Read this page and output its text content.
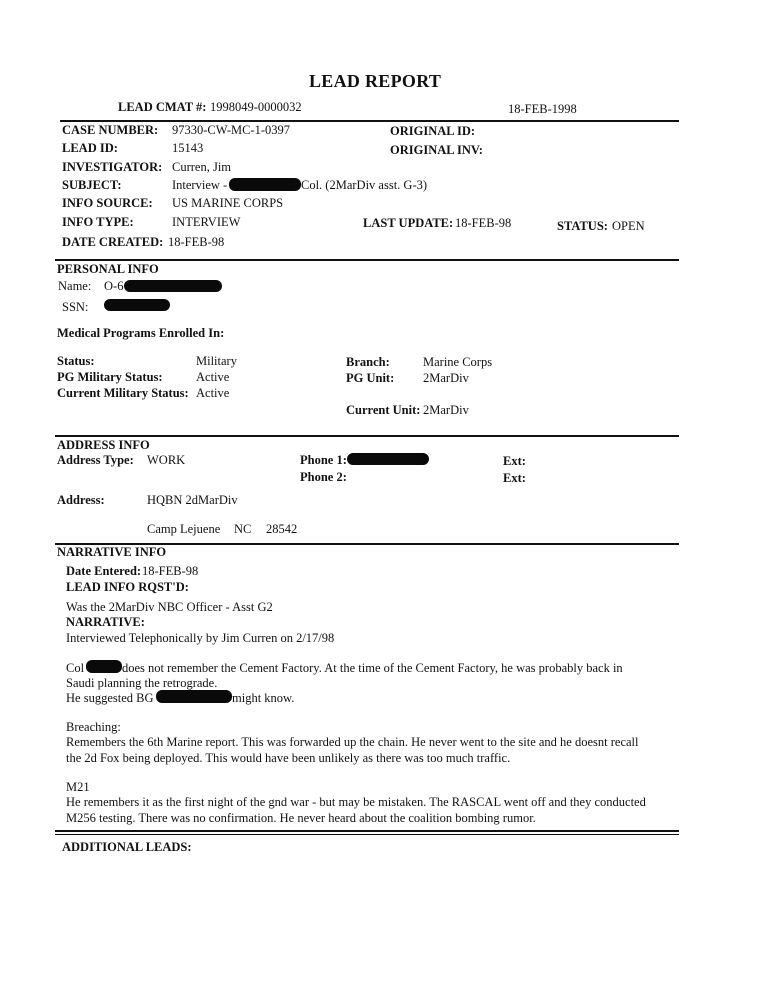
LEAD REPORT
LEAD CMAT #: 1998049-0000032	18-FEB-1998
CASE NUMBER: 97330-CW-MC-1-0397	ORIGINAL ID:
LEAD ID:	15143	ORIGINAL INV:
INVESTIGATOR: Curren, Jim
SUBJECT:	Interview -	Col. (2MarDiv asst. G-3)
INFO SOURCE: US MARINE CORPS
INFO TYPE:	INTERVIEW	LAST UPDATE: 18-FEB-98	STATUS: OPEN
DATE CREATED: 18-FEB-98
PERSONAL INFO
Name: O-6
SSN:
Medical Programs Enrolled In:
Status:	Military
PG Military Status:	Active
Current Military Status: Active
Branch:	Marine Corps
PG Unit: 2MarDiv
Current Unit: 2MarDiv
ADDRESS INFO
Address Type: WORK	Phone 1:
Phone 2:
Ext:
Ext:
Address:	HQBN 2dMarDiv
Camp Lejuene NC 28542
NARRATIVE INFO
Date Entered: 18-FEB-98
LEAD INFO RQST'D:
Was the 2MarDiv NBC Officer - Asst G2
NARRATIVE:
Interviewed Telephonically by Jim Curren on 2/17/98
Col	does not remember the Cement Factory. At the time of the Cement Factory, he was probably back in
Saudi planning the retrograde.
He suggested BG	might know.
Breaching:
Remembers the 6th Marine report. This was forwarded up the chain. He never went to the site and he doesnt recall the 2d Fox being deployed. This would have been unlikely as there was too much traffic.
M21
He remembers it as the first night of the gnd war - but may be mistaken. The RASCAL went off and they conducted M256 testing. There was no confirmation. He never heard about the coalition bombing rumor.
ADDITIONAL LEADS:
